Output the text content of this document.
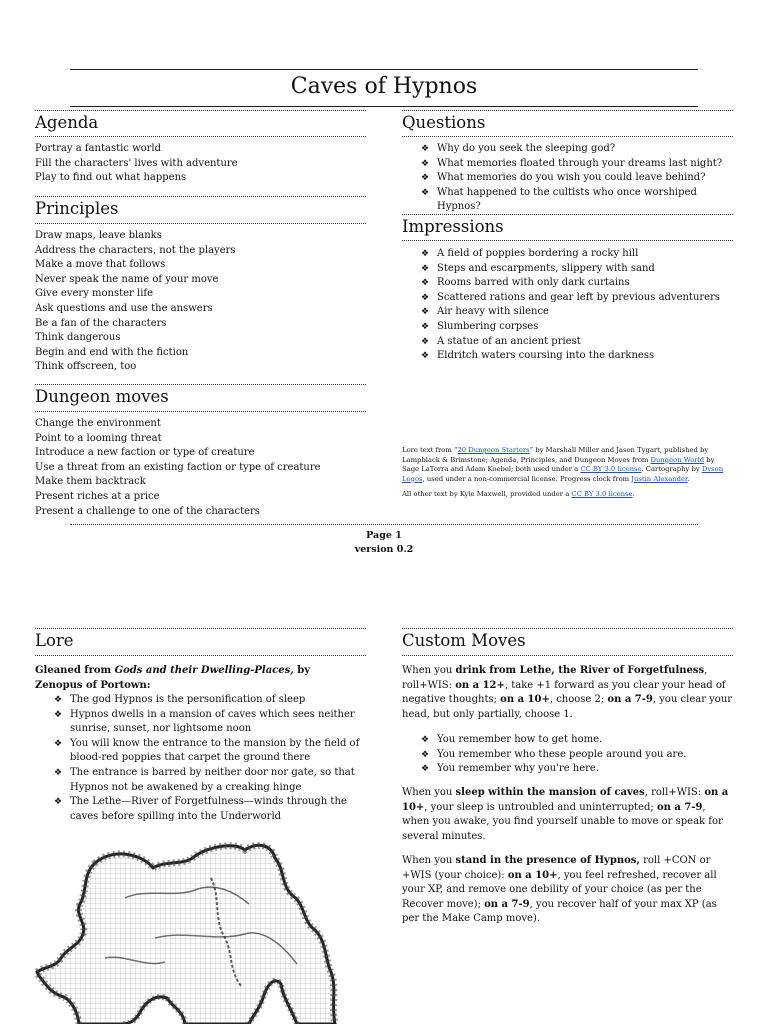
Caves of Hypnos
Agenda
Portray a fantastic world
Fill the characters' lives with adventure
Play to find out what happens
Principles
Draw maps, leave blanks
Address the characters, not the players
Make a move that follows
Never speak the name of your move
Give every monster life
Ask questions and use the answers
Be a fan of the characters
Think dangerous
Begin and end with the fiction
Think offscreen, too
Dungeon moves
Change the environment
Point to a looming threat
Introduce a new faction or type of creature
Use a threat from an existing faction or type of creature
Make them backtrack
Present riches at a price
Present a challenge to one of the characters
Questions
❖ Why do you seek the sleeping god?
❖ What memories floated through your dreams last night?
❖ What memories do you wish you could leave behind?
❖ What happened to the cultists who once worshiped Hypnos?
Impressions
❖ A field of poppies bordering a rocky hill
❖ Steps and escarpments, slippery with sand
❖ Rooms barred with only dark curtains
❖ Scattered rations and gear left by previous adventurers
❖ Air heavy with silence
❖ Slumbering corpses
❖ A statue of an ancient priest
❖ Eldritch waters coursing into the darkness
Lore text from “20 Dungeon Starters” by Marshall Miller and Jason Tygart, published by Lampblack & Brimstone; Agenda, Principles, and Dungeon Moves from Dungeon World by Sage LaTorra and Adam Koebel; both used under a CC BY 3.0 license. Cartography by Dyson Logos, used under a non-commercial license. Progress clock from Justin Alexander.
All other text by Kyle Maxwell, provided under a CC BY 3.0 license.
Page 1
version 0.2
Lore
Gleaned from Gods and their Dwelling-Places, by Zenopus of Portown:
❖ The god Hypnos is the personification of sleep
❖ Hypnos dwells in a mansion of caves which sees neither sunrise, sunset, nor lightsome noon
❖ You will know the entrance to the mansion by the field of blood-red poppies that carpet the ground there
❖ The entrance is barred by neither door nor gate, so that Hypnos not be awakened by a creaking hinge
❖ The Lethe—River of Forgetfulness—winds through the caves before spilling into the Underworld
Custom Moves

When you drink from Lethe, the River of Forgetfulness, roll+WIS: on a 12+, take +1 forward as you clear your head of negative thoughts; on a 10+, choose 2; on a 7-9, you clear your head, but only partially, choose 1.

❖ You remember how to get home.
❖ You remember who these people around you are.
❖ You remember why you're here.

When you sleep within the mansion of caves, roll+WIS: on a 10+, your sleep is untroubled and uninterrupted; on a 7-9, when you awake, you find yourself unable to move or speak for several minutes.

When you stand in the presence of Hypnos, roll +CON or +WIS (your choice): on a 10+, you feel refreshed, recover all your XP, and remove one debility of your choice (as per the Recover move); on a 7-9, you recover half of your max XP (as per the Make Camp move).
